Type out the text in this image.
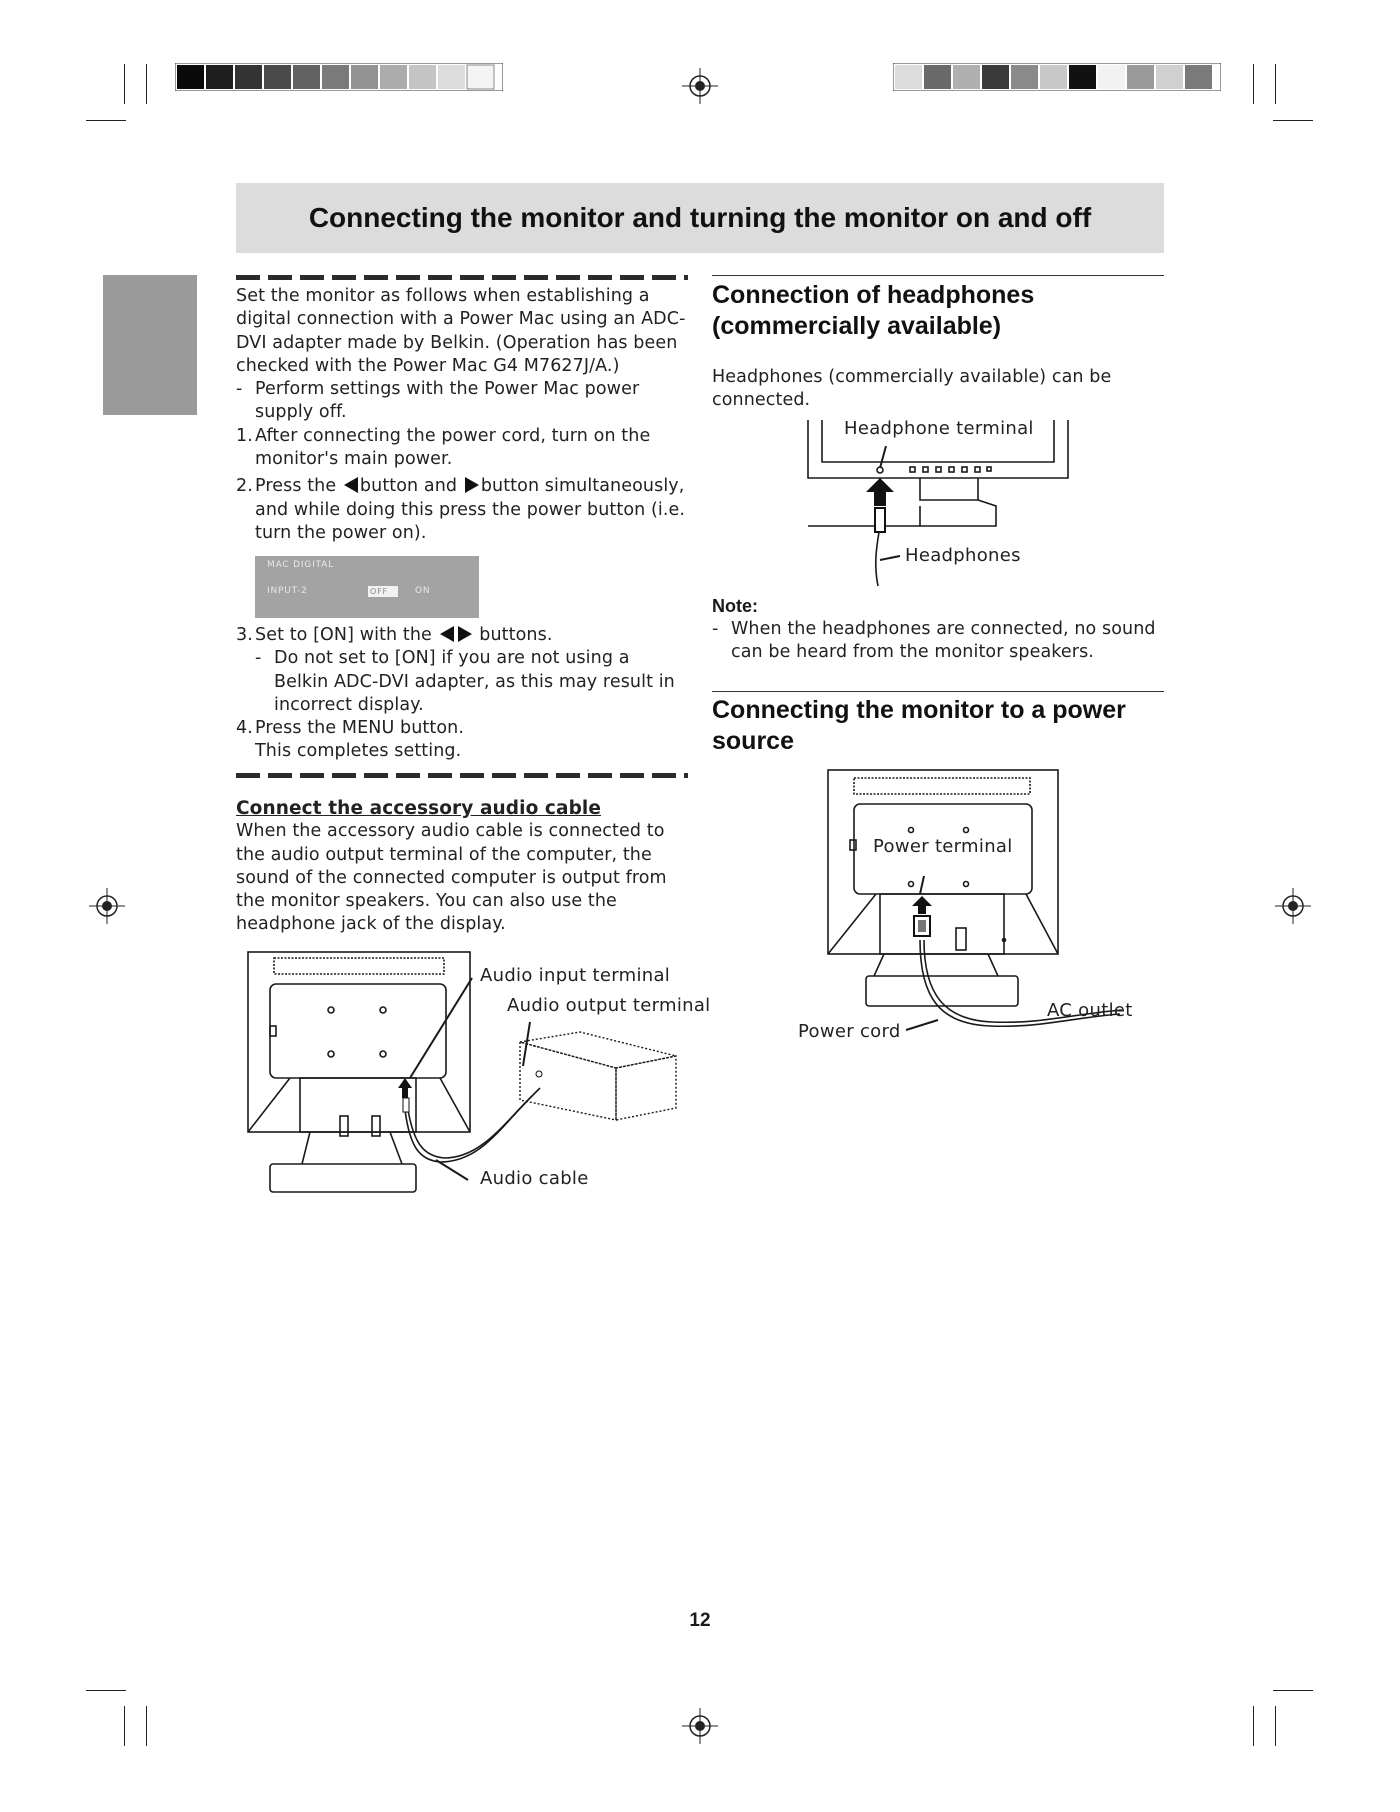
Connecting the monitor and turning the monitor on and off
Set the monitor as follows when establishing a digital connection with a Power Mac using an ADC-DVI adapter made by Belkin. (Operation has been checked with the Power Mac G4 M7627J/A.)
- Perform settings with the Power Mac power supply off.
1. After connecting the power cord, turn on the monitor's main power.
2. Press the button and button simultaneously, and while doing this press the power button (i.e. turn the power on).
MAC DIGITAL
INPUT-2	OFF	ON
3. Set to [ON] with the	buttons.
- Do not set to [ON] if you are not using a Belkin ADC-DVI adapter, as this may result in incorrect display.
4. Press the MENU button.
This completes setting.
Connect the accessory audio cable
When the accessory audio cable is connected to the audio output terminal of the computer, the sound of the connected computer is output from the monitor speakers. You can also use the headphone jack of the display.
Audio input terminal
Audio output terminal
Audio cable
Connection of headphones
(commercially available)
Headphones (commercially available) can be connected.
Headphone terminal
Headphones
Note:
- When the headphones are connected, no sound can be heard from the monitor speakers.
Connecting the monitor to a power
source
Power terminal
AC outlet
Power cord
12
